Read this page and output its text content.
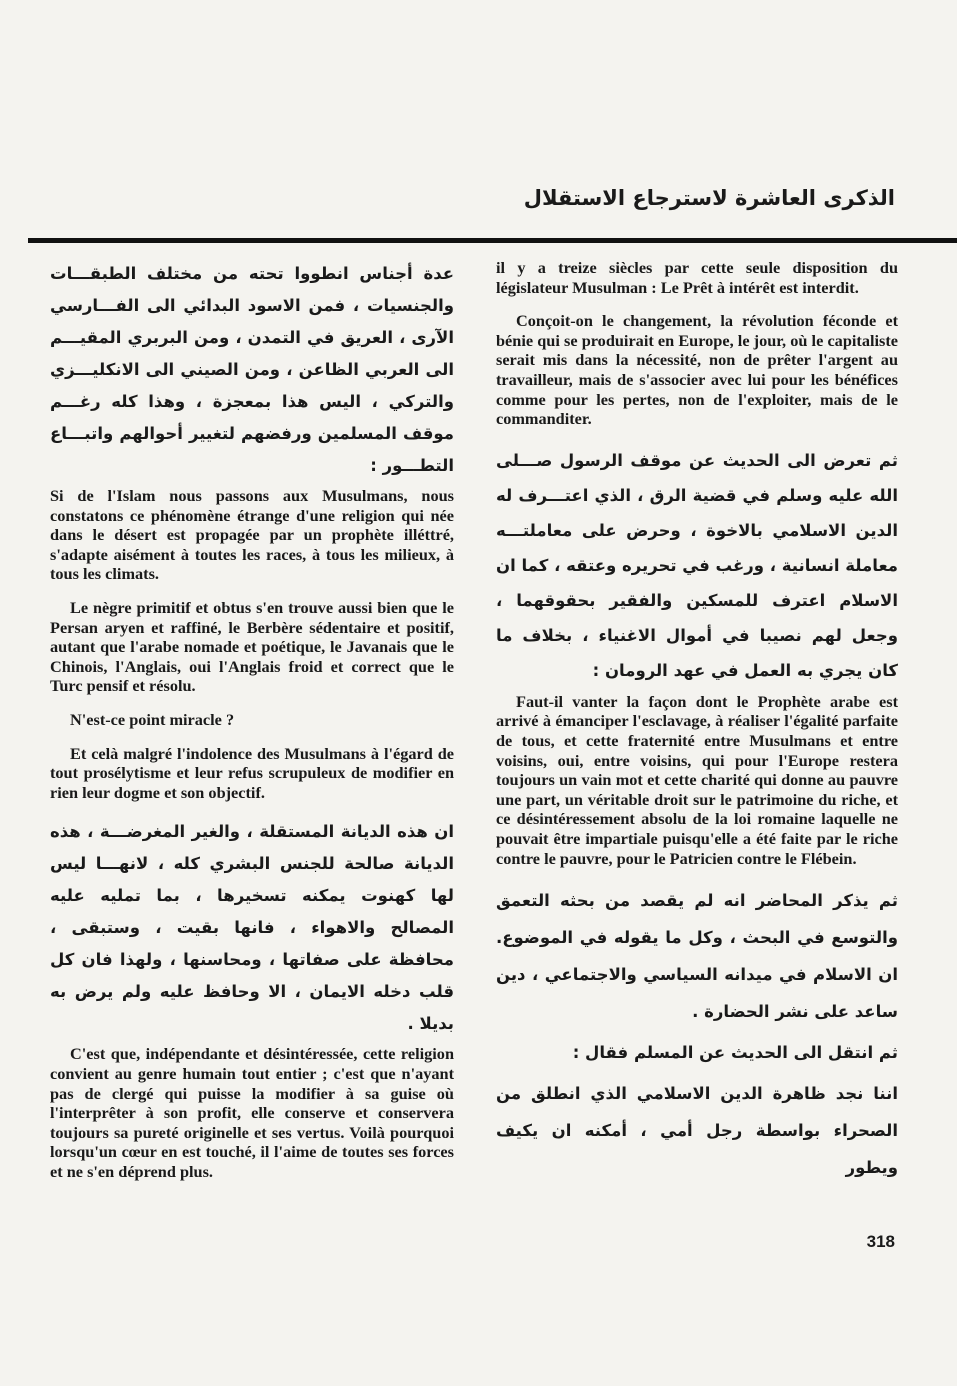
الذكرى العاشرة لاسترجاع الاستقلال

عدة أجناس انطووا تحته من مختلف الطبقـــات والجنسيات ، فمن الاسود البدائي الى الفـــارسي الآرى ، العريق في التمدن ، ومن البربري المقيـــم الى العربي الظاعن ، ومن الصيني الى الانكليـــزي والتركي ، اليس هذا بمعجزة ، وهذا كله رغـــم موقف المسلمين ورفضهم لتغيير أحوالهم واتبـــاع التطـــور :

Si de l'Islam nous passons aux Musulmans, nous constatons ce phénomène étrange d'une religion qui née dans le désert est propagée par un prophète illéttré, s'adapte aisément à toutes les races, à tous les milieux, à tous les climats.

Le nègre primitif et obtus s'en trouve aussi bien que le Persan aryen et raffiné, le Berbère sédentaire et positif, autant que l'arabe nomade et poétique, le Javanais que le Chinois, l'Anglais, oui l'Anglais froid et correct que le Turc pensif et résolu.

N'est-ce point miracle ?

Et celà malgré l'indolence des Musulmans à l'égard de tout prosélytisme et leur refus scrupuleux de modifier en rien leur dogme et son objectif.

ان هذه الديانة المستقلة ، والغير المغرضـــة ، هذه الديانة صالحة للجنس البشري كله ، لانهـــا ليس لها كهنوت يمكنه تسخيرها ، بما تمليه عليه المصالح والاهواء ، فانها بقيت ، وستبقى ، محافظة على صفاتها ، ومحاسنها ، ولهذا فان كل قلب دخله الايمان ، الا وحافظ عليه ولم يرض به بديلا .

C'est que, indépendante et désintéressée, cette religion convient au genre humain tout entier ; c'est que n'ayant pas de clergé qui puisse la modifier à sa guise où l'interprêter à son profit, elle conserve et conservera toujours sa pureté originelle et ses vertus. Voilà pourquoi lorsqu'un cœur en est touché, il l'aime de toutes ses forces et ne s'en déprend plus.

il y a treize siècles par cette seule disposition du législateur Musulman : Le Prêt à intérêt est interdit.

Conçoit-on le changement, la révolution féconde et bénie qui se produirait en Europe, le jour, où le capitaliste serait mis dans la nécessité, non de prêter l'argent au travailleur, mais de s'associer avec lui pour les bénéfices comme pour les pertes, non de l'exploiter, mais de le commanditer.

ثم تعرض الى الحديث عن موقف الرسول صـــلى الله عليه وسلم في قضية الرق ، الذي اعتـــرف له الدين الاسلامي بالاخوة ، وحرض على معاملتـــه معاملة انسانية ، ورغب في تحريره وعتقه ، كما ان الاسلام اعترف للمسكين والفقير بحقوقهما ، وجعل لهم نصيبا في أموال الاغنياء ، بخلاف ما كان يجري به العمل في عهد الرومان :

Faut-il vanter la façon dont le Prophète arabe est arrivé à émanciper l'esclavage, à réaliser l'égalité parfaite de tous, et cette fraternité entre Musulmans et entre voisins, oui, entre voisins, qui pour l'Europe restera toujours un vain mot et cette charité qui donne au pauvre une part, un véritable droit sur le patrimoine du riche, et ce désintéressement absolu de la loi romaine laquelle ne pouvait être impartiale puisqu'elle a été faite par le riche contre le pauvre, pour le Patricien contre le Flébein.

ثم يذكر المحاضر انه لم يقصد من بحثه التعمق والتوسع في البحث ، وكل ما يقوله في الموضوع. ان الاسلام في ميدانه السياسي والاجتماعي ، دين ساعد على نشر الحضارة .

ثم انتقل الى الحديث عن المسلم فقال :

اننا نجد ظاهرة الدين الاسلامي الذي انطلق من الصحراء بواسطة رجل أمي ، أمكنه ان يكيف ويطور

318
